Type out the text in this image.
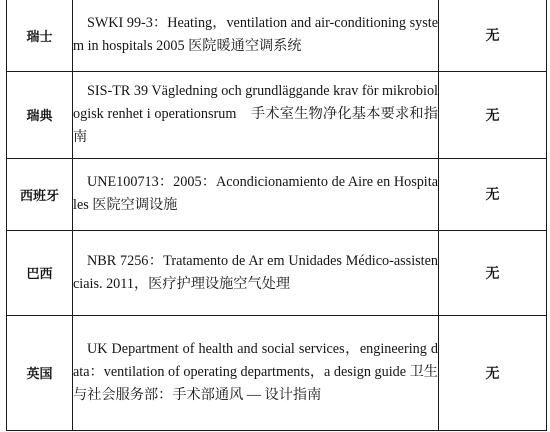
瑞士	SWKI 99-3：Heating，ventilation and air-conditioning system in hospitals 2005 医院暖通空调系统	无
瑞典	SIS-TR 39 Vägledning och grundläggande krav för mikrobiologisk renhet i operationsrum　手术室生物净化基本要求和指南	无
西班牙	UNE100713：2005：Acondicionamiento de Aire en Hospitales 医院空调设施	无
巴西	NBR 7256：Tratamento de Ar em Unidades Médico-assistenciais. 2011，医疗护理设施空气处理	无
英国	UK Department of health and social services，engineering data：ventilation of operating departments，a design guide 卫生与社会服务部：手术部通风 — 设计指南	无
